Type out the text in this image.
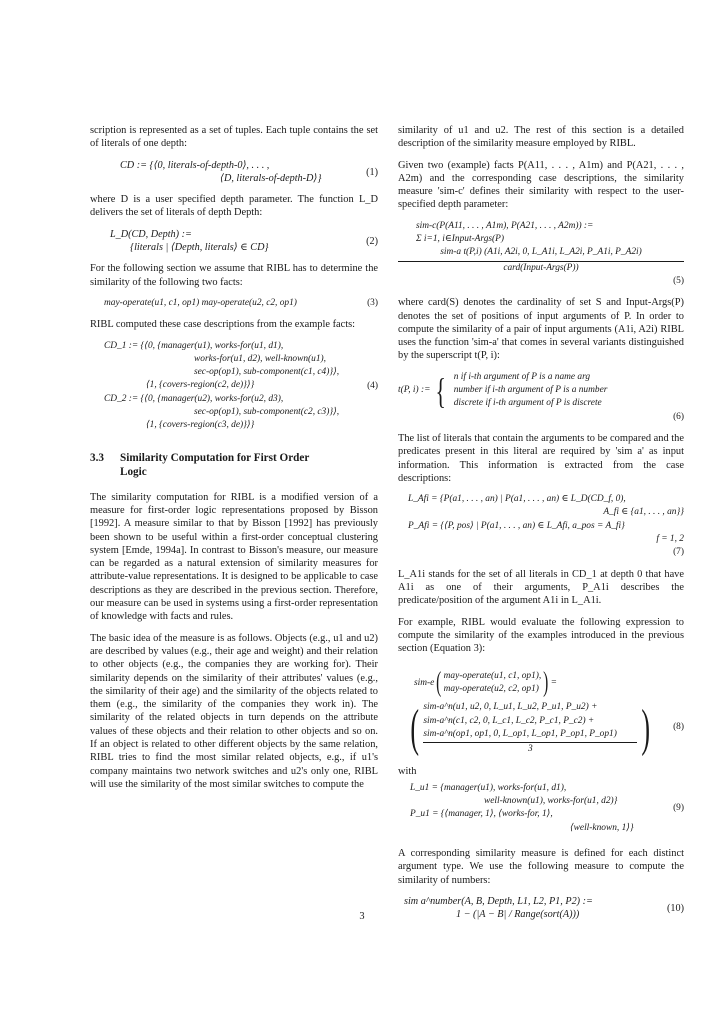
scription is represented as a set of tuples. Each tuple contains the set of literals of one depth:

CD := {⟨0, literals-of-depth-0⟩, . . . ,
⟨D, literals-of-depth-D⟩}
(1)

where D is a user specified depth parameter. The function L_D delivers the set of literals of depth Depth:

L_D(CD, Depth) :=
{literals | ⟨Depth, literals⟩ ∈ CD}
(2)

For the following section we assume that RIBL has to determine the similarity of the following two facts:

may-operate(u1, c1, op1) may-operate(u2, c2, op1)	(3)

RIBL computed these case descriptions from the example facts:

CD_1 := {⟨0, {manager(u1), works-for(u1, d1),
works-for(u1, d2), well-known(u1),
sec-op(op1), sub-component(c1, c4)}⟩,
⟨1, {covers-region(c2, de)}⟩}
CD_2 := {⟨0, {manager(u2), works-for(u2, d3),
sec-op(op1), sub-component(c2, c3)}⟩,
⟨1, {covers-region(c3, de)}⟩}
(4)
3.3 Similarity Computation for First Order
Logic

The similarity computation for RIBL is a modified version of a measure for first-order logic representations proposed by Bisson [1992]. A measure similar to that by Bisson [1992] has previously been shown to be useful within a first-order conceptual clustering system [Emde, 1994a]. In contrast to Bisson's measure, our measure can be regarded as a natural extension of similarity measures for attribute-value representations. It is designed to be applicable to case descriptions as they are described in the previous section. Therefore, our measure can be used in systems using a first-order representation of knowledge with facts and rules.

The basic idea of the measure is as follows. Objects (e.g., u1 and u2) are described by values (e.g., their age and weight) and their relation to other objects (e.g., the companies they are working for). Their similarity depends on the similarity of their attributes' values (e.g., the similarity of their age) and the similarity of the objects related to them (e.g., the similarity of the companies they work in). The similarity of the related objects in turn depends on the attribute values of these objects and their relation to other objects and so on. If an object is related to other different objects by the same relation, RIBL tries to find the most similar related objects, e.g., if u1's company maintains two network switches and u2's only one, RIBL will use the similarity of the most similar switches to compute the

similarity of u1 and u2. The rest of this section is a detailed description of the similarity measure employed by RIBL.

Given two (example) facts P(A11, . . . , A1m) and P(A21, . . . , A2m) and the corresponding case descriptions, the similarity measure 'sim-c' defines their similarity with respect to the user-specified depth parameter:

sim-c(P(A11, . . . , A1m), P(A21, . . . , A2m)) :=
Σ i=1, i∈Input-Args(P)
sim-a t(P,i) (A1i, A2i, 0, L_A1i, L_A2i, P_A1i, P_A2i)
card(Input-Args(P))
(5)

where card(S) denotes the cardinality of set S and Input-Args(P) denotes the set of positions of input arguments of P. In order to compute the similarity of a pair of input arguments (A1i, A2i) RIBL uses the function 'sim-a' that comes in several variants distinguished by the superscript t(P, i):

t(P, i) := { n if i-th argument of P is a name arg
number if i-th argument of P is a number
discrete if i-th argument of P is discrete
(6)

The list of literals that contain the arguments to be compared and the predicates present in this literal are required by 'sim a' as input information. This information is extracted from the case descriptions:

L_Afi = {P(a1, . . . , an) | P(a1, . . . , an) ∈ L_D(CD_f, 0),
A_fi ∈ {a1, . . . , an}}
P_Afi = {⟨P, pos⟩ | P(a1, . . . , an) ∈ L_Afi, a_pos = A_fi}
f = 1, 2
(7)

L_A1i stands for the set of all literals in CD_1 at depth 0 that have A1i as one of their arguments, P_A1i describes the predicate/position of the argument A1i in L_A1i.

For example, RIBL would evaluate the following expression to compute the similarity of the examples introduced in the previous section (Equation 3):

sim-e ( may-operate(u1, c1, op1),
may-operate(u2, c2, op1) ) =
( sim-a^n(u1, u2, 0, L_u1, L_u2, P_u1, P_u2) +
sim-a^n(c1, c2, 0, L_c1, L_c2, P_c1, P_c2) +
sim-a^n(op1, op1, 0, L_op1, L_op1, P_op1, P_op1)
3	) (8)
with
L_u1 = {manager(u1), works-for(u1, d1),
well-known(u1), works-for(u1, d2)}
P_u1 = {⟨manager, 1⟩, ⟨works-for, 1⟩,
⟨well-known, 1⟩}
(9)

A corresponding similarity measure is defined for each distinct argument type. We use the following measure to compute the similarity of numbers:

sim a^number(A, B, Depth, L1, L2, P1, P2) :=
1 − (|A − B| / Range(sort(A)))
(10)
3
